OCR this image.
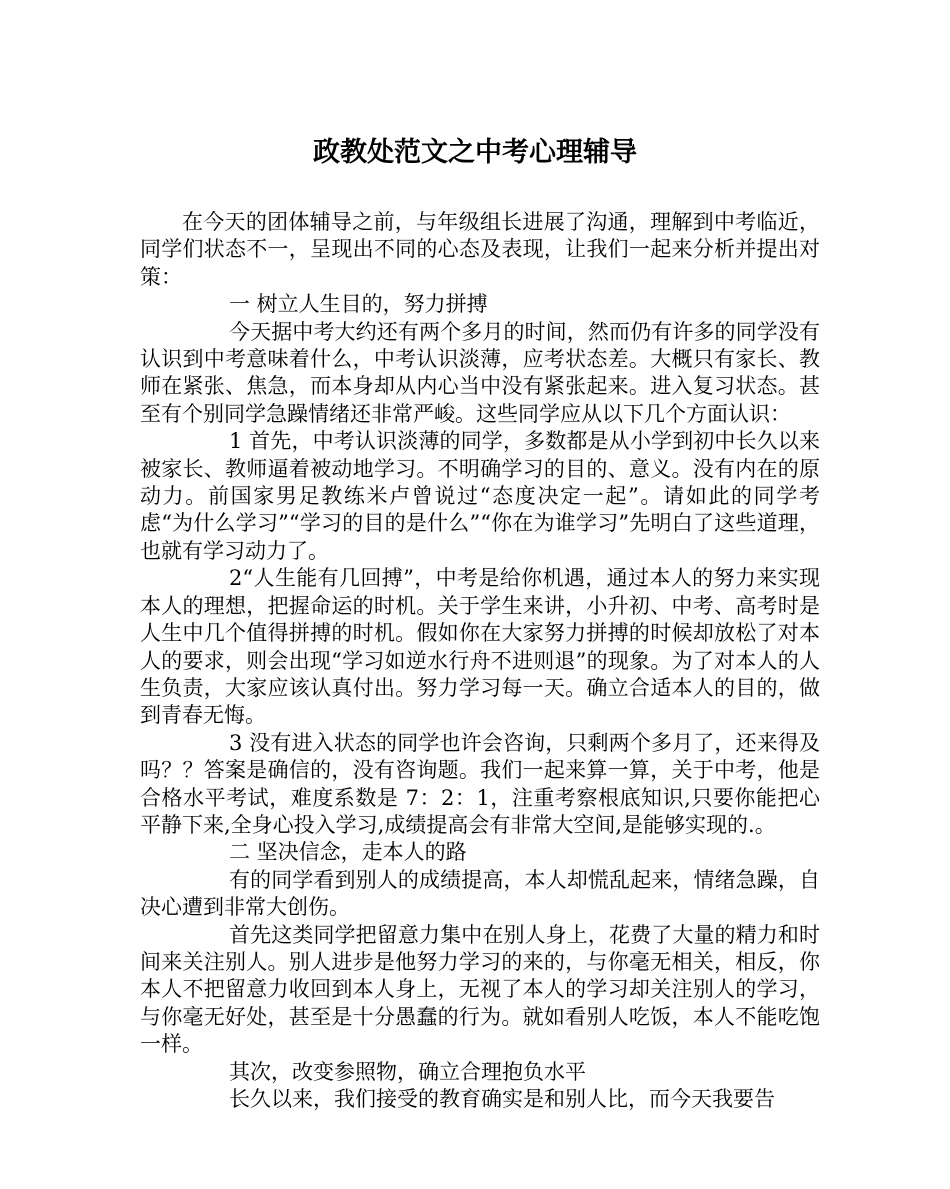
政教处范文之中考心理辅导

在今天的团体辅导之前，与年级组长进展了沟通，理解到中考临近，同学们状态不一，呈现出不同的心态及表现，让我们一起来分析并提出对策：

一 树立人生目的，努力拼搏

今天据中考大约还有两个多月的时间，然而仍有许多的同学没有认识到中考意味着什么，中考认识淡薄，应考状态差。大概只有家长、教师在紧张、焦急，而本身却从内心当中没有紧张起来。进入复习状态。甚至有个别同学急躁情绪还非常严峻。这些同学应从以下几个方面认识：

1 首先，中考认识淡薄的同学，多数都是从小学到初中长久以来被家长、教师逼着被动地学习。不明确学习的目的、意义。没有内在的原动力。前国家男足教练米卢曾说过“态度决定一起”。请如此的同学考虑“为什么学习”“学习的目的是什么”“你在为谁学习”先明白了这些道理，也就有学习动力了。

2“人生能有几回搏”，中考是给你机遇，通过本人的努力来实现本人的理想，把握命运的时机。关于学生来讲，小升初、中考、高考时是人生中几个值得拼搏的时机。假如你在大家努力拼搏的时候却放松了对本人的要求，则会出现“学习如逆水行舟不进则退”的现象。为了对本人的人生负责，大家应该认真付出。努力学习每一天。确立合适本人的目的，做到青春无悔。

3 没有进入状态的同学也许会咨询，只剩两个多月了，还来得及吗？？答案是确信的，没有咨询题。我们一起来算一算，关于中考，他是合格水平考试，难度系数是 7：2：1，注重考察根底知识,只要你能把心平静下来,全身心投入学习,成绩提高会有非常大空间,是能够实现的.。

二 坚决信念，走本人的路

有的同学看到别人的成绩提高，本人却慌乱起来，情绪急躁，自决心遭到非常大创伤。

首先这类同学把留意力集中在别人身上，花费了大量的精力和时间来关注别人。别人进步是他努力学习的来的，与你毫无相关，相反，你本人不把留意力收回到本人身上，无视了本人的学习却关注别人的学习，与你毫无好处，甚至是十分愚蠢的行为。就如看别人吃饭，本人不能吃饱一样。

其次，改变参照物，确立合理抱负水平

长久以来，我们接受的教育确实是和别人比，而今天我要告
